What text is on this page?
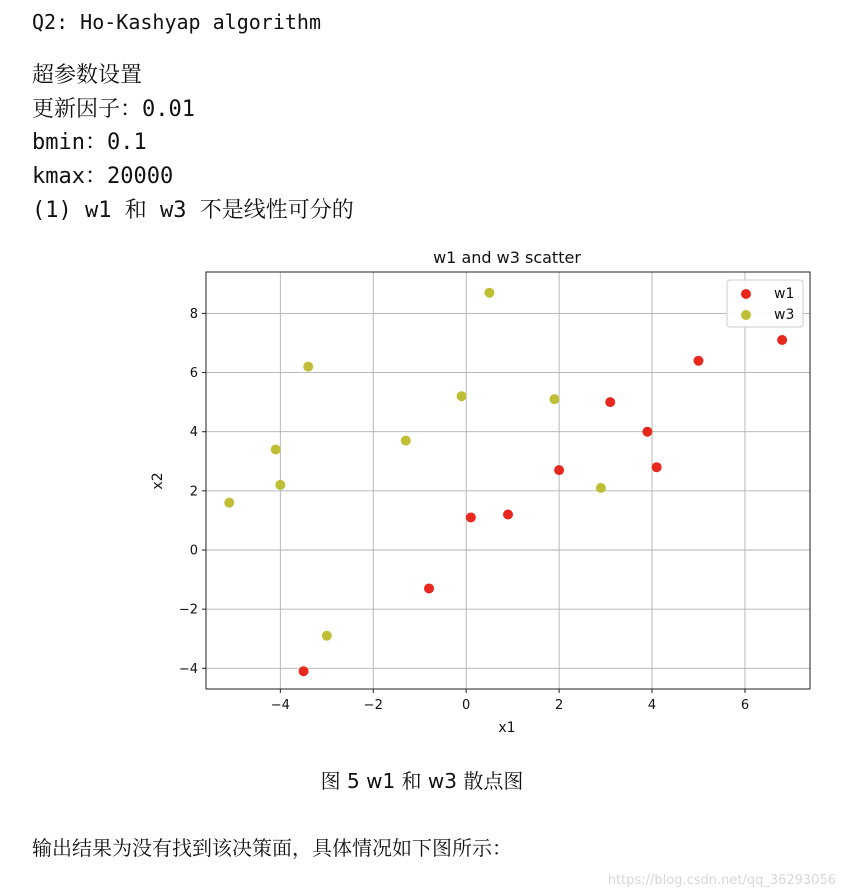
Q2: Ho-Kashyap algorithm
超参数设置
更新因子：0.01
bmin：0.1
kmax：20000
(1) w1 和 w3 不是线性可分的
w1 and w3 scatter
−4	−2	0	2	4	6
−4
−2
0
2
4
6
8
x1
x2
w1
w3
图 5 w1 和 w3 散点图
输出结果为没有找到该决策面，具体情况如下图所示：
https://blog.csdn.net/qq_36293056
